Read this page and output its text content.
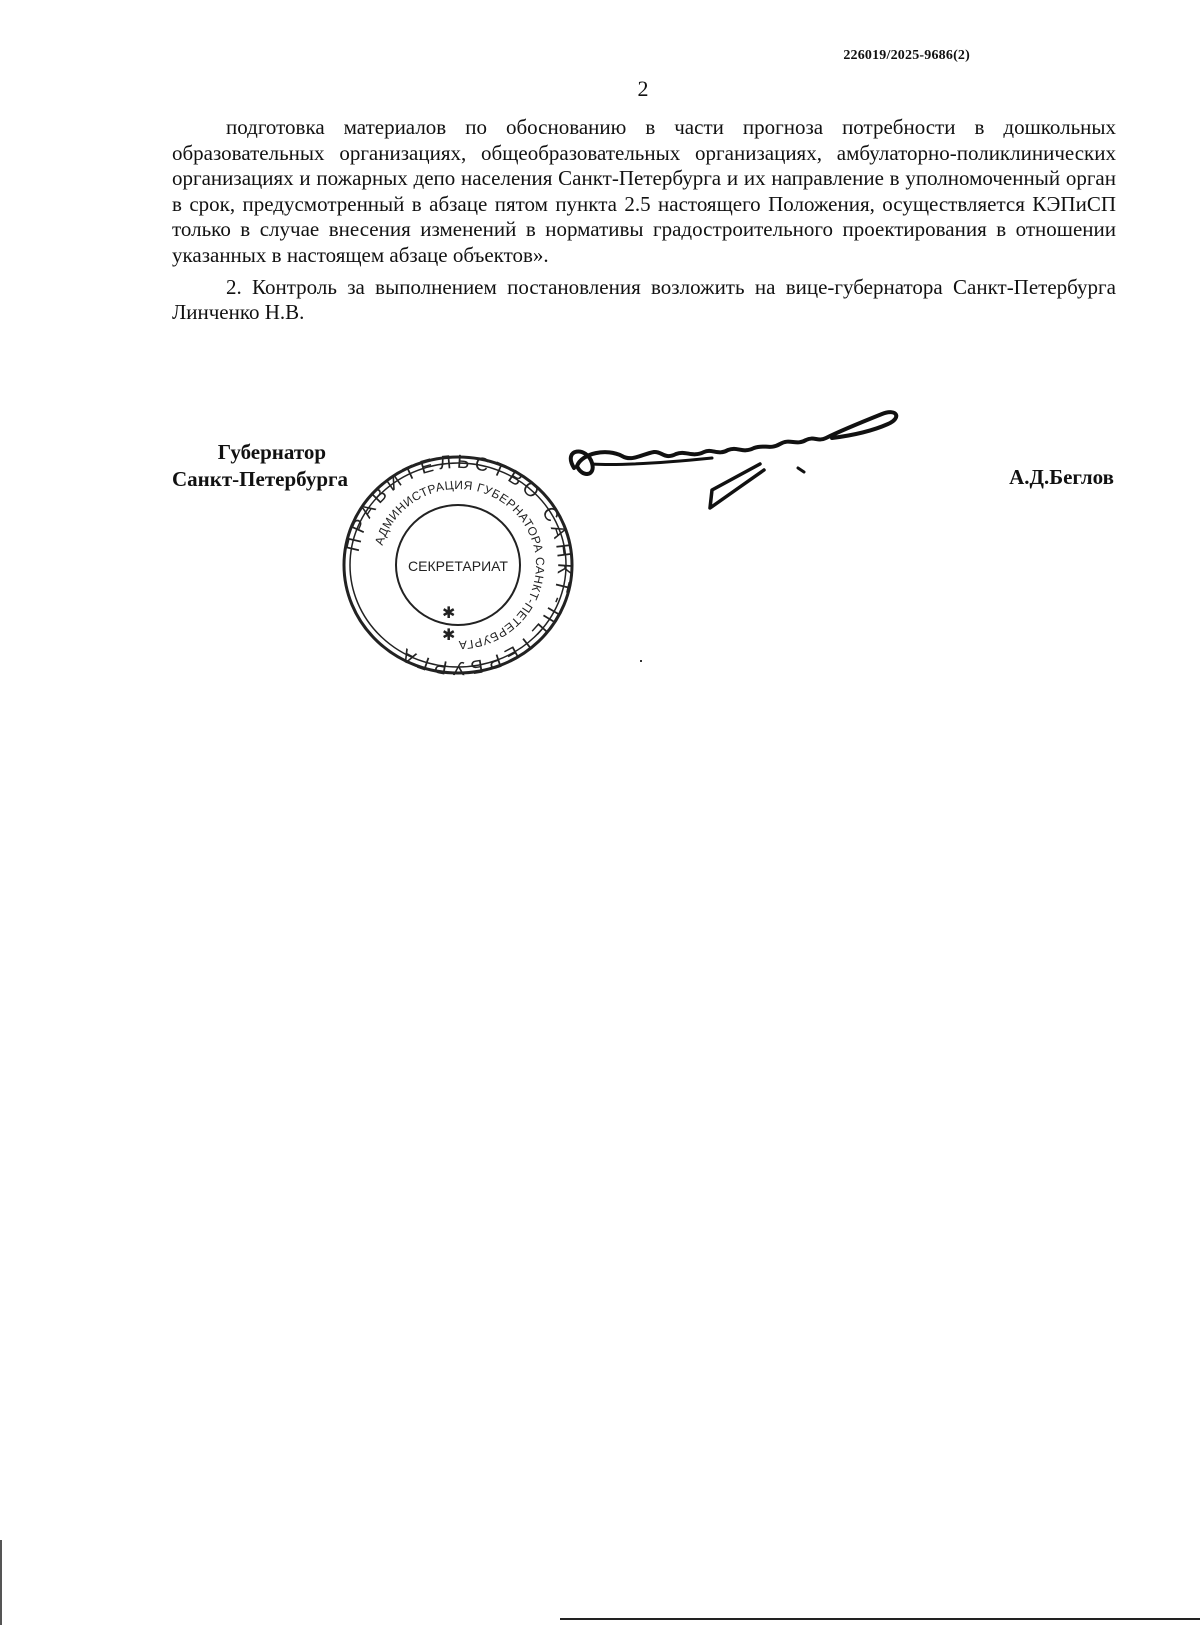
226019/2025-9686(2)
2

подготовка материалов по обоснованию в части прогноза потребности в дошкольных образовательных организациях, общеобразовательных организациях, амбулаторно-поликлинических организациях и пожарных депо населения Санкт-Петербурга и их направление в уполномоченный орган в срок, предусмотренный в абзаце пятом пункта 2.5 настоящего Положения, осуществляется КЭПиСП только в случае внесения изменений в нормативы градостроительного проектирования в отношении указанных в настоящем абзаце объектов».

2. Контроль за выполнением постановления возложить на вице-губернатора Санкт-Петербурга Линченко Н.В.

Губернатор
Санкт-Петербурга	А.Д.Беглов
ПРАВИТЕЛЬСТВО САНКТ-ПЕТЕРБУРГА
АДМИНИСТРАЦИЯ ГУБЕРНАТОРА САНКТ-ПЕТЕРБУРГА
СЕКРЕТАРИАТ
✱
✱
